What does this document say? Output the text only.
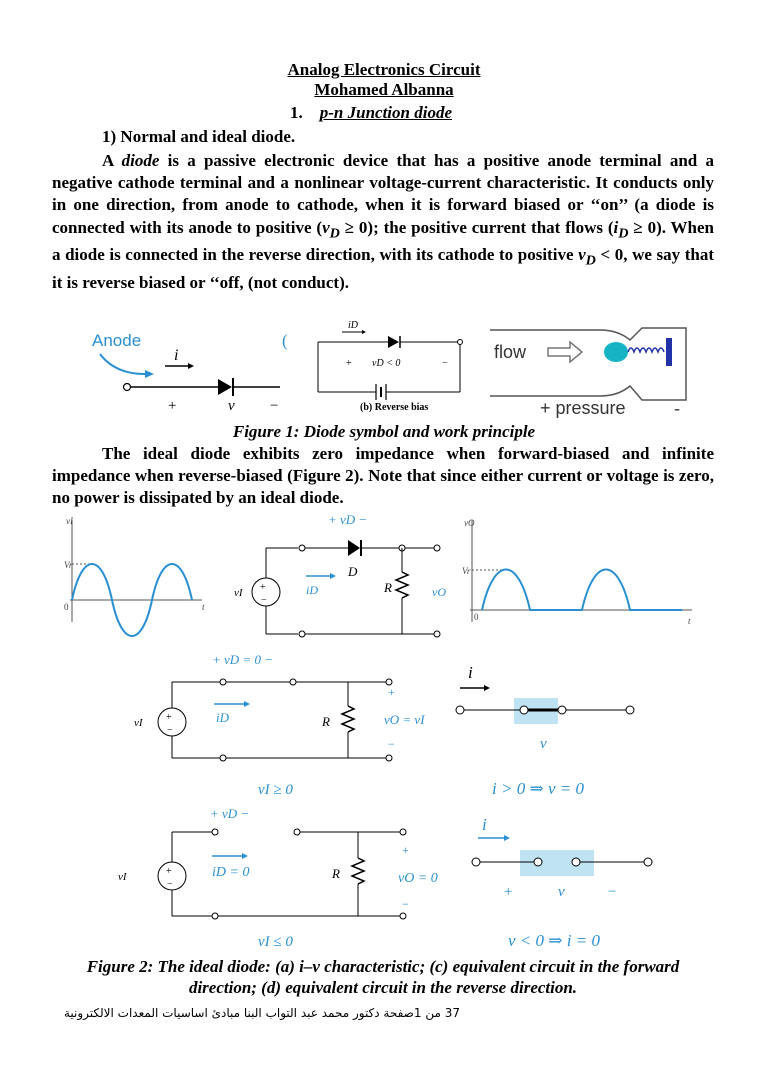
Analog Electronics Circuit
Mohamed Albanna
1. p-n Junction diode
1) Normal and ideal diode.
A diode is a passive electronic device that has a positive anode terminal and a negative cathode terminal and a nonlinear voltage-current characteristic. It conducts only in one direction, from anode to cathode, when it is forward biased or ‘‘on’’ (a diode is connected with its anode to positive $(v_D \ge 0)$; the positive current that flows $(i_D \ge 0)$. When a diode is connected in the reverse direction, with its cathode to positive $v_D < 0$, we say that it is reverse biased or ‘‘off, (not conduct).
Anode
i
+	v −
(
iD
+ vD < 0	−
(b) Reverse bias
flow
+ pressure	-
Figure 1: Diode symbol and work principle
The ideal diode exhibits zero impedance when forward-biased and infinite impedance when reverse-biased (Figure 2). Note that since either current or voltage is zero, no power is dissipated by an ideal diode.
vI
Vr
0	t
+ vD −
D
+
−
vI	iD	R	vO
vO
Vr
0	t
+ vD = 0 −
+
−
vI	iD	R
+
vO = vI
−
vI ≥ 0
i
v
i > 0 ⇒ v = 0
+ vD −
+
−
vI	iD = 0	R
+
vO = 0
−
vI ≤ 0
i
+	v	−
v < 0 ⇒ i = 0
Figure 2: The ideal diode: (a) i–v characteristic; (c) equivalent circuit in the forward direction; (d) equivalent circuit in the reverse direction.
37 من 1صفحة دكتور محمد عبد التواب البنا مبادئ اساسيات المعدات الالكترونية
